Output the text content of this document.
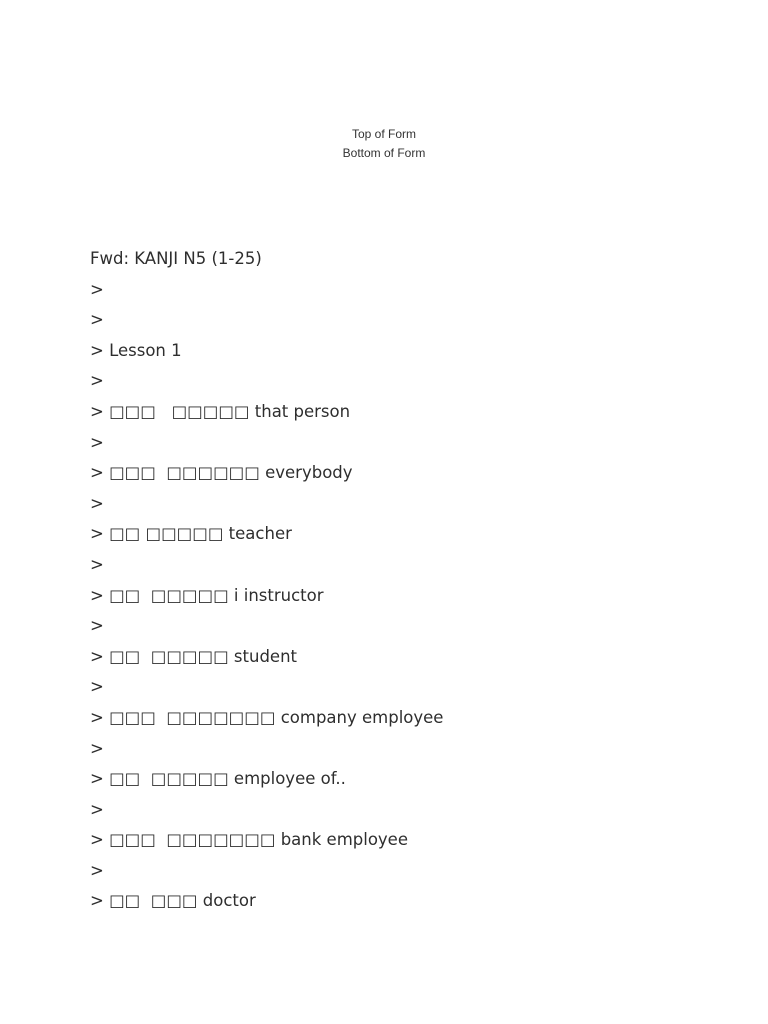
Top of Form
Bottom of Form
Fwd: KANJI N5 (1-25)
>
>
> Lesson 1
>
> □□□   □□□□□ that person
>
> □□□  □□□□□□ everybody
>
> □□ □□□□□ teacher
>
> □□  □□□□□ i instructor
>
> □□  □□□□□ student
>
> □□□  □□□□□□□ company employee
>
> □□  □□□□□ employee of..
>
> □□□  □□□□□□□ bank employee
>
> □□  □□□ doctor
